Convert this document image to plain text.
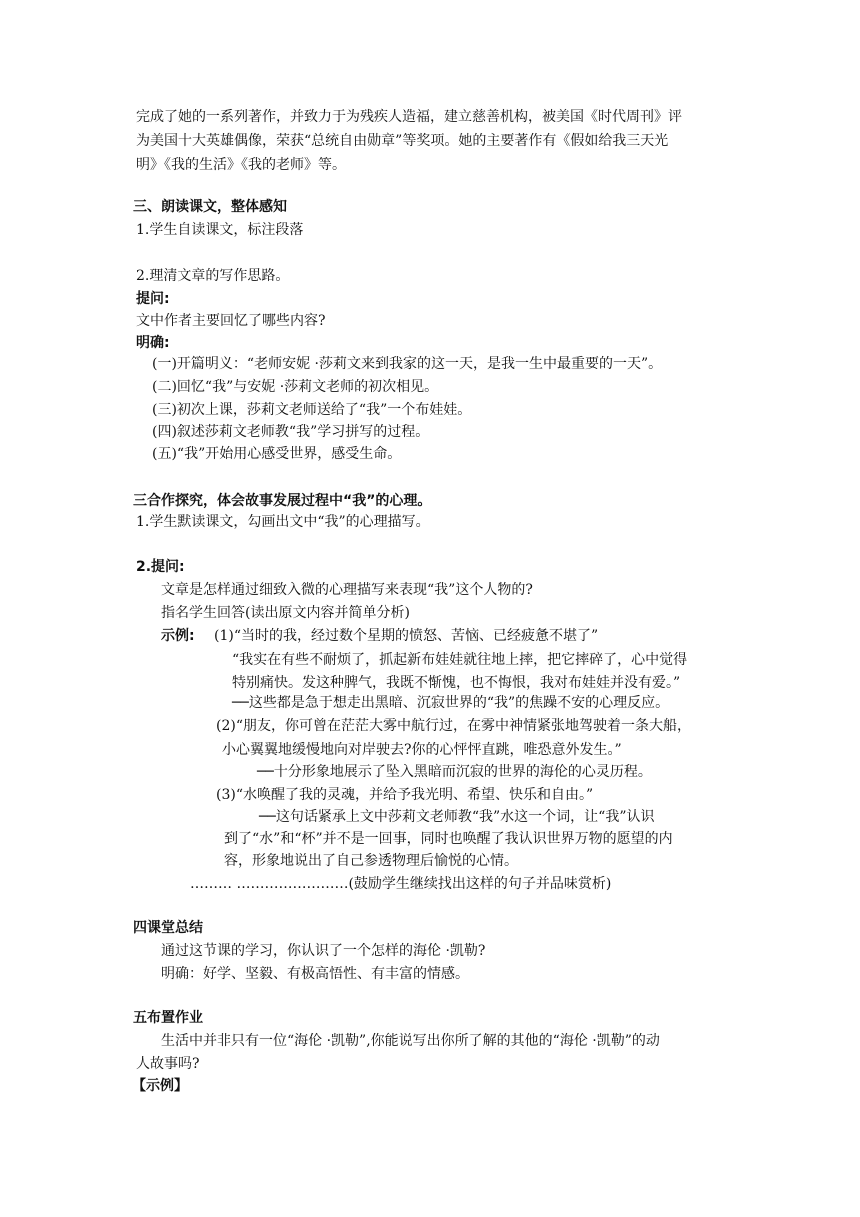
完成了她的一系列著作，并致力于为残疾人造福，建立慈善机构，被美国《时代周刊》评
为美国十大英雄偶像，荣获“总统自由勋章”等奖项。她的主要著作有《假如给我三天光
明》《我的生活》《我的老师》等。
三、朗读课文，整体感知
1.学生自读课文，标注段落
2.理清文章的写作思路。
提问:
文中作者主要回忆了哪些内容?
明确:
(一)开篇明义：“老师安妮 ·莎莉文来到我家的这一天，是我一生中最重要的一天”。
(二)回忆“我”与安妮 ·莎莉文老师的初次相见。
(三)初次上课，莎莉文老师送给了“我”一个布娃娃。
(四)叙述莎莉文老师教“我”学习拼写的过程。
(五)“我”开始用心感受世界，感受生命。
三合作探究，体会故事发展过程中“我”的心理。
1.学生默读课文，勾画出文中“我”的心理描写。
2.提问:
文章是怎样通过细致入微的心理描写来表现“我”这个人物的?
指名学生回答(读出原文内容并简单分析)
示例: (1)“当时的我，经过数个星期的愤怒、苦恼、已经疲惫不堪了”
“我实在有些不耐烦了，抓起新布娃娃就往地上摔，把它摔碎了，心中觉得
特别痛快。发这种脾气，我既不惭愧，也不悔恨，我对布娃娃并没有爱。”
──这些都是急于想走出黑暗、沉寂世界的“我”的焦躁不安的心理反应。
(2)“朋友，你可曾在茫茫大雾中航行过，在雾中神情紧张地驾驶着一条大船，
小心翼翼地缓慢地向对岸驶去?你的心怦怦直跳，唯恐意外发生。”
──十分形象地展示了坠入黑暗而沉寂的世界的海伦的心灵历程。
(3)“水唤醒了我的灵魂，并给予我光明、希望、快乐和自由。”
──这句话紧承上文中莎莉文老师教“我”水这一个词，让“我”认识
到了“水”和“杯”并不是一回事，同时也唤醒了我认识世界万物的愿望的内
容，形象地说出了自己参透物理后愉悦的心情。
……… ……………………(鼓励学生继续找出这样的句子并品味赏析)
四课堂总结
通过这节课的学习，你认识了一个怎样的海伦 ·凯勒?
明确：好学、坚毅、有极高悟性、有丰富的情感。
五布置作业
生活中并非只有一位“海伦 ·凯勒”,你能说写出你所了解的其他的“海伦 ·凯勒”的动
人故事吗?
【示例】
